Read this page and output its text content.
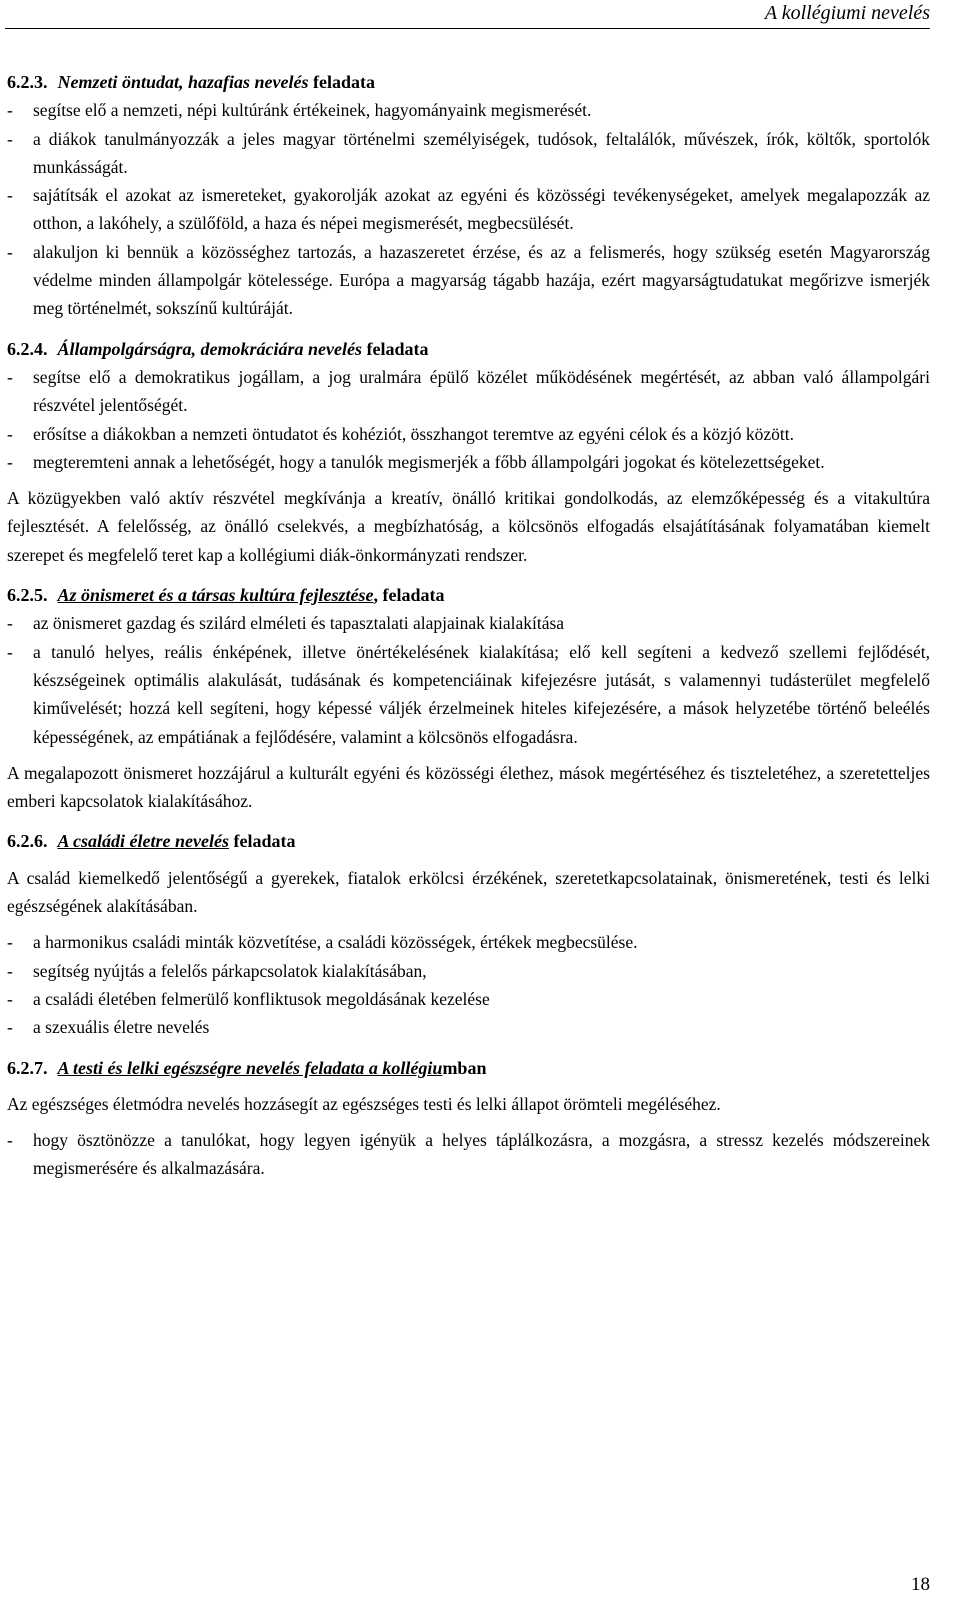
A kollégiumi nevelés
6.2.3. Nemzeti öntudat, hazafias nevelés feladata
- segítse elő a nemzeti, népi kultúránk értékeinek, hagyományaink megismerését.
- a diákok tanulmányozzák a jeles magyar történelmi személyiségek, tudósok, feltalálók, művészek, írók, költők, sportolók munkásságát.
- sajátítsák el azokat az ismereteket, gyakorolják azokat az egyéni és közösségi tevékenységeket, amelyek megalapozzák az otthon, a lakóhely, a szülőföld, a haza és népei megismerését, megbecsülését.
- alakuljon ki bennük a közösséghez tartozás, a hazaszeretet érzése, és az a felismerés, hogy szükség esetén Magyarország védelme minden állampolgár kötelessége. Európa a magyarság tágabb hazája, ezért magyarságtudatukat megőrizve ismerjék meg történelmét, sokszínű kultúráját.
6.2.4. Állampolgárságra, demokráciára nevelés feladata
- segítse elő a demokratikus jogállam, a jog uralmára épülő közélet működésének megértését, az abban való állampolgári részvétel jelentőségét.
- erősítse a diákokban a nemzeti öntudatot és kohéziót, összhangot teremtve az egyéni célok és a közjó között.
- megteremteni annak a lehetőségét, hogy a tanulók megismerjék a főbb állampolgári jogokat és kötelezettségeket.

A közügyekben való aktív részvétel megkívánja a kreatív, önálló kritikai gondolkodás, az elemzőképesség és a vitakultúra fejlesztését. A felelősség, az önálló cselekvés, a megbízhatóság, a kölcsönös elfogadás elsajátításának folyamatában kiemelt szerepet és megfelelő teret kap a kollégiumi diák-önkormányzati rendszer.

6.2.5. Az önismeret és a társas kultúra fejlesztése, feladata
- az önismeret gazdag és szilárd elméleti és tapasztalati alapjainak kialakítása
- a tanuló helyes, reális énképének, illetve önértékelésének kialakítása; elő kell segíteni a kedvező szellemi fejlődését, készségeinek optimális alakulását, tudásának és kompetenciáinak kifejezésre jutását, s valamennyi tudásterület megfelelő kiművelését; hozzá kell segíteni, hogy képessé váljék érzelmeinek hiteles kifejezésére, a mások helyzetébe történő beleélés képességének, az empátiának a fejlődésére, valamint a kölcsönös elfogadásra.

A megalapozott önismeret hozzájárul a kulturált egyéni és közösségi élethez, mások megértéséhez és tiszteletéhez, a szeretetteljes emberi kapcsolatok kialakításához.

6.2.6. A családi életre nevelés feladata

A család kiemelkedő jelentőségű a gyerekek, fiatalok erkölcsi érzékének, szeretetkapcsolatainak, önismeretének, testi és lelki egészségének alakításában.

- a harmonikus családi minták közvetítése, a családi közösségek, értékek megbecsülése.
- segítség nyújtás a felelős párkapcsolatok kialakításában,
- a családi életében felmerülő konfliktusok megoldásának kezelése
- a szexuális életre nevelés
6.2.7. A testi és lelki egészségre nevelés feladata a kollégiumban

Az egészséges életmódra nevelés hozzásegít az egészséges testi és lelki állapot örömteli megéléséhez.

- hogy ösztönözze a tanulókat, hogy legyen igényük a helyes táplálkozásra, a mozgásra, a stressz kezelés módszereinek megismerésére és alkalmazására.
18
